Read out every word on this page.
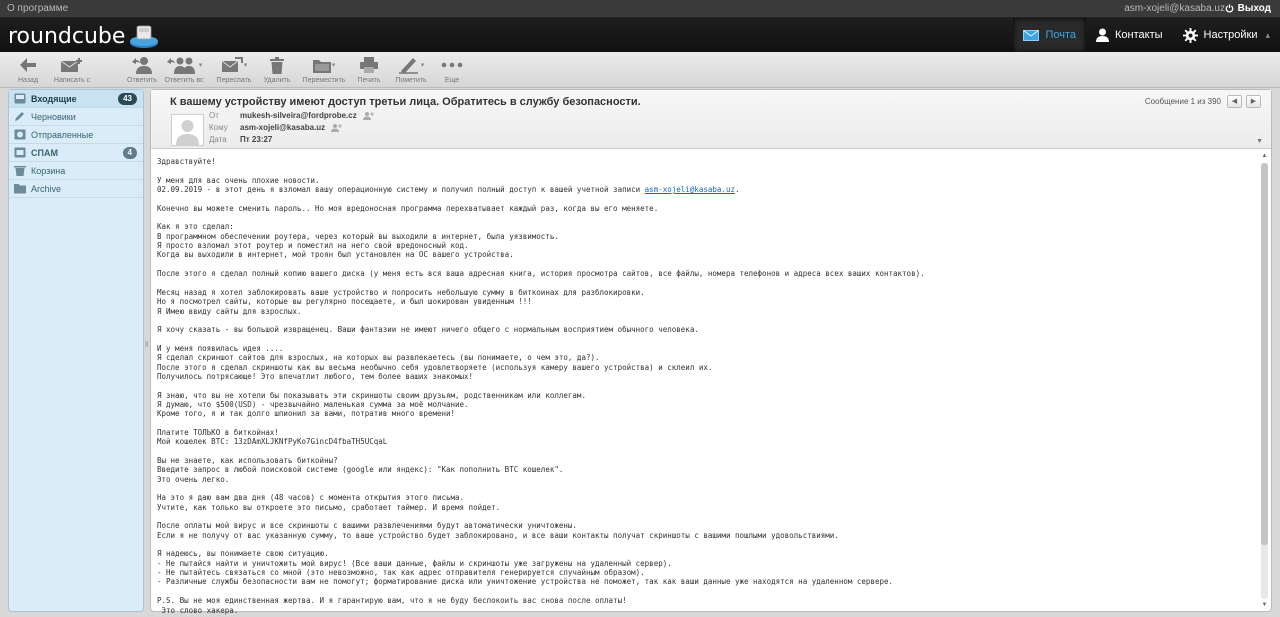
О программе	asm-xojeli@kasaba.uz Выход
roundcube	Почта	Контакты	Настройки ▴
Назад	Написать с	Ответить
▾
Ответить вс
▾
Переслать	Удалить
▾
Переместить	Печать
▾
Пометить	Еще
Входящие	43
Черновики
Отправленные
СПАМ	4
Корзина
Archive
‖
К вашему устройству имеют доступ третьи лица. Обратитесь в службу безопасности.
От	mukesh-silveira@fordprobe.cz
Кому	asm-xojeli@kasaba.uz
Дата	Пт 23:27
Сообщение 1 из 390	◀	▶
▼
Здравствуйте!

У меня для вас очень плохие новости.
02.09.2019 - в этот день я взломал вашу операционную систему и получил полный доступ к вашей учетной записи asm-xojeli@kasaba.uz.

Конечно вы можете сменить пароль.. Но моя вредоносная программа перехватывает каждый раз, когда вы его меняете.

Как я это сделал:
В программном обеспечении роутера, через который вы выходили в интернет, была уязвимость.
Я просто взломал этот роутер и поместил на него свой вредоносный код.
Когда вы выходили в интернет, мой троян был установлен на ОС вашего устройства.

После этого я сделал полный копию вашего диска (у меня есть вся ваша адресная книга, история просмотра сайтов, все файлы, номера телефонов и адреса всех ваших контактов).

Месяц назад я хотел заблокировать ваше устройство и попросить небольшую сумму в биткоинах для разблокировки.
Но я посмотрел сайты, которые вы регулярно посещаете, и был шокирован увиденным !!!
Я Имею ввиду сайты для взрослых.

Я хочу сказать - вы большой извращенец. Ваши фантазии не имеют ничего общего с нормальным восприятием обычного человека.

И у меня появилась идея ....
Я сделал скриншот сайтов для взрослых, на которых вы развлекаетесь (вы понимаете, о чем это, да?).
После этого я сделал скриншоты как вы весьма необычно себя удовлетворяете (используя камеру вашего устройства) и склеил их.
Получилось потрясающе! Это впечатлит любого, тем более ваших знакомых!

Я знаю, что вы не хотели бы показывать эти скриншоты своим друзьям, родственникам или коллегам.
Я думаю, что $500(USD) - чрезвычайно маленькая сумма за моё молчание.
Кроме того, я и так долго шпионил за вами, потратив много времени!

Платите ТОЛЬКО в биткойнах!
Мой кошелек BTC: 13zDAmXLJKNfPyKo7GincD4fbaTH5UCqaL

Вы не знаете, как использовать биткойны?
Введите запрос в любой поисковой системе (google или яндекс): "Как пополнить BTC кошелек".
Это очень легко.

На это я даю вам два дня (48 часов) с момента открытия этого письма.
Учтите, как только вы откроете это письмо, сработает таймер. И время пойдет.

После оплаты мой вирус и все скриншоты с вашими развлечениями будут автоматически уничтожены.
Если я не получу от вас указанную сумму, то ваше устройство будет заблокировано, и все ваши контакты получат скриншоты с вашими пошлыми удовольствиями.

Я надеюсь, вы понимаете свою ситуацию.
- Не пытайся найти и уничтожить мой вирус! (Все ваши данные, файлы и скриншоты уже загружены на удаленный сервер).
- Не пытайтесь связаться со мной (это невозможно, так как адрес отправителя генерируется случайным образом).
- Различные службы безопасности вам не помогут; форматирование диска или уничтожение устройства не поможет, так как ваши данные уже находятся на удаленном сервере.

P.S. Вы не моя единственная жертва. И я гарантирую вам, что я не буду беспокоить вас снова после оплаты!
Это слово хакера.
▲
▼
